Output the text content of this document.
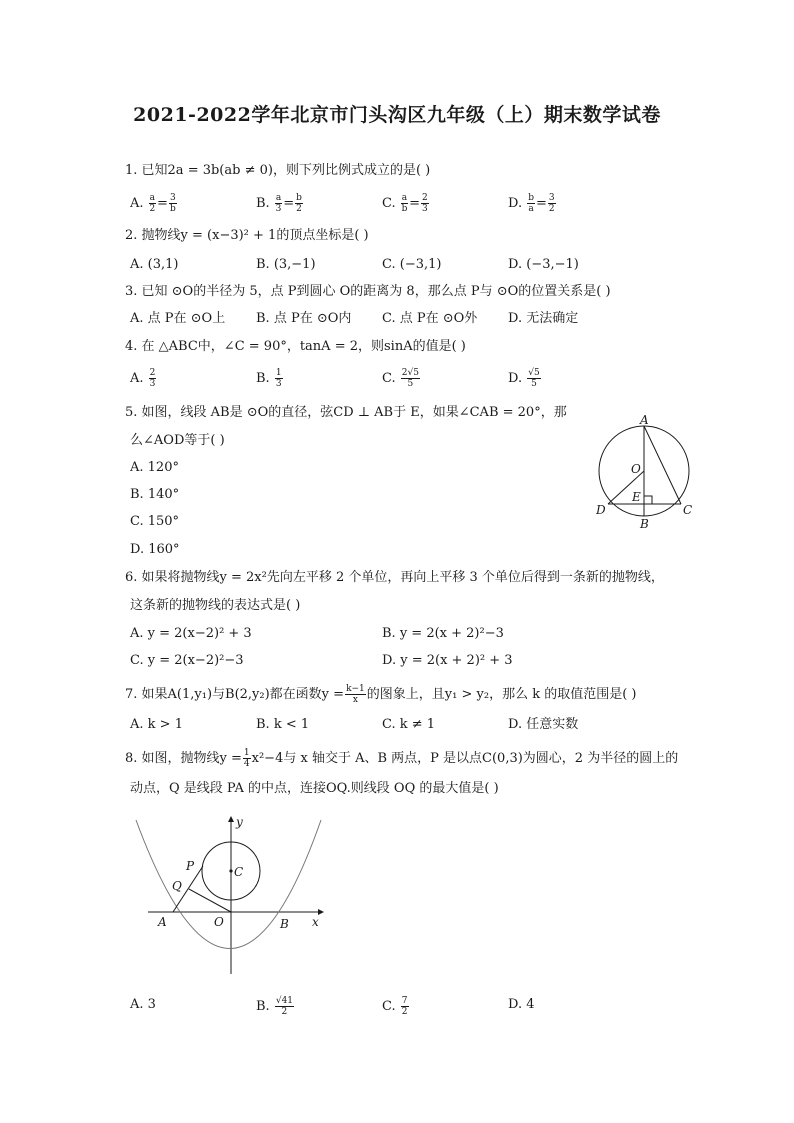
2021-2022学年北京市门头沟区九年级（上）期末数学试卷
1. 已知2a = 3b(ab ≠ 0)，则下列比例式成立的是( )
A. $\frac{a}{2} = \frac{3}{b}$	B. $\frac{a}{3} = \frac{b}{2}$	C. $\frac{a}{b} = \frac{2}{3}$	D. $\frac{b}{a} = \frac{3}{2}$
2. 抛物线y = (x−3)² + 1的顶点坐标是( )
A. (3,1)	B. (3,−1)	C. (−3,1)	D. (−3,−1)
3. 已知 ⊙O的半径为 5，点 P到圆心 O的距离为 8，那么点 P与 ⊙O的位置关系是( )
A. 点 P在 ⊙O上 B. 点 P在 ⊙O内 C. 点 P在 ⊙O外 D. 无法确定
4. 在 △ABC中，∠C = 90°，tanA = 2，则sinA的值是( )
A. $\frac{2}{3}$	B. $\frac{1}{3}$	C. $\frac{2√5}{5}$	D. $\frac{√5}{5}$
5. 如图，线段 AB是 ⊙O的直径，弦CD ⊥ AB于 E，如果∠CAB = 20°，那
么∠AOD等于( )
A. 120°
B. 140°
C. 150°
D. 160°
A
O
E
D
B
C
6. 如果将抛物线y = 2x²先向左平移 2 个单位，再向上平移 3 个单位后得到一条新的抛物线，
这条新的抛物线的表达式是( )
A. y = 2(x−2)² + 3	B. y = 2(x + 2)²−3
C. y = 2(x−2)²−3	D. y = 2(x + 2)² + 3
7. 如果A(1,y₁)与B(2,y₂)都在函数$y = \frac{k-1}{x}$ 的图象上，且y₁ > y₂，那么 k 的取值范围是( )
A. k > 1	B. k < 1	C. k ≠ 1	D. 任意实数
8. 如图，抛物线$y = \frac{1}{4} x^2-4$与 x 轴交于 A、B 两点，P 是以点C(0,3)为圆心，2 为半径的圆上的
动点，Q 是线段 PA 的中点，连接OQ.则线段 OQ 的最大值是( )
y
x
P	C
Q
A	O	B
A. 3	B. $\frac{√41}{2}$	C. $\frac{7}{2}$	D. 4
